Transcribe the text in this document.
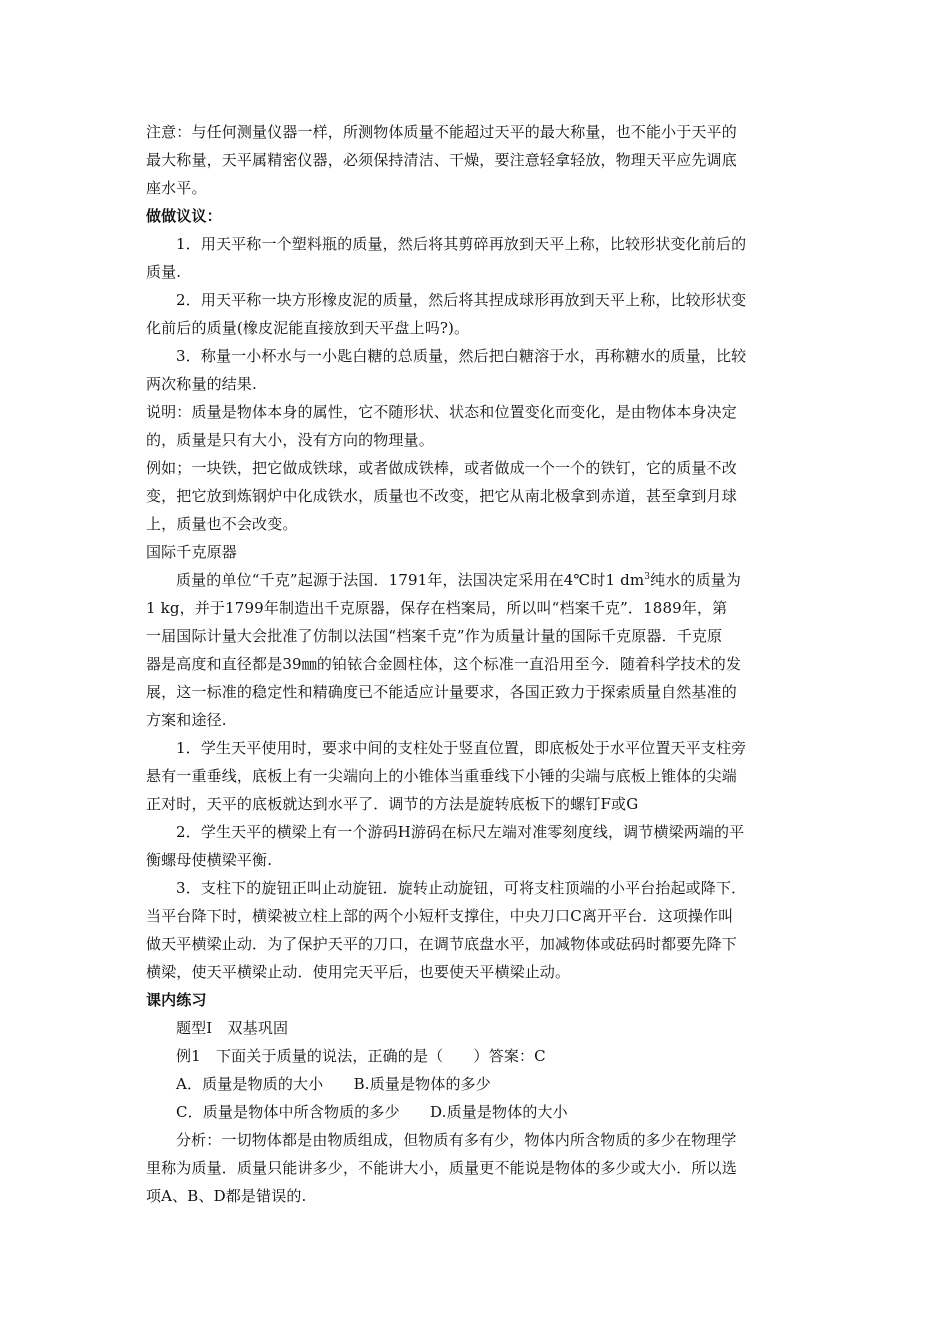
注意：与任何测量仪器一样，所测物体质量不能超过天平的最大称量，也不能小于天平的
最大称量，天平属精密仪器，必须保持清洁、干燥，要注意轻拿轻放，物理天平应先调底
座水平。
做做议议：
1．用天平称一个塑料瓶的质量，然后将其剪碎再放到天平上称，比较形状变化前后的
质量.
2．用天平称一块方形橡皮泥的质量，然后将其捏成球形再放到天平上称，比较形状变
化前后的质量(橡皮泥能直接放到天平盘上吗?)。
3．称量一小杯水与一小匙白糖的总质量，然后把白糖溶于水，再称糖水的质量，比较
两次称量的结果.
说明：质量是物体本身的属性，它不随形状、状态和位置变化而变化，是由物体本身决定
的，质量是只有大小，没有方向的物理量。
例如；一块铁，把它做成铁球，或者做成铁棒，或者做成一个一个的铁钉，它的质量不改
变，把它放到炼钢炉中化成铁水，质量也不改变，把它从南北极拿到赤道，甚至拿到月球
上，质量也不会改变。
国际千克原器
质量的单位“千克”起源于法国．1791年，法国决定采用在4℃时1 $dm^3$纯水的质量为
1 kg，并于1799年制造出千克原器，保存在档案局，所以叫“档案千克”．1889年，第
一届国际计量大会批准了仿制以法国“档案千克”作为质量计量的国际千克原器．千克原
器是高度和直径都是39㎜的铂铱合金圆柱体，这个标准一直沿用至今．随着科学技术的发
展，这一标准的稳定性和精确度已不能适应计量要求，各国正致力于探索质量自然基准的
方案和途径.
1．学生天平使用时，要求中间的支柱处于竖直位置，即底板处于水平位置天平支柱旁
悬有一重垂线，底板上有一尖端向上的小锥体当重垂线下小锤的尖端与底板上锥体的尖端
正对时，天平的底板就达到水平了．调节的方法是旋转底板下的螺钉F或G
2．学生天平的横梁上有一个游码H游码在标尺左端对准零刻度线，调节横梁两端的平
衡螺母使横梁平衡.
3．支柱下的旋钮正叫止动旋钮．旋转止动旋钮，可将支柱顶端的小平台抬起或降下．
当平台降下时，横梁被立柱上部的两个小短杆支撑住，中央刀口C离开平台．这项操作叫
做天平横梁止动．为了保护天平的刀口，在调节底盘水平，加减物体或砝码时都要先降下
横梁，使天平横梁止动．使用完天平后，也要使天平横梁止动。
课内练习
题型Ⅰ　双基巩固
例1　下面关于质量的说法，正确的是（　　）答案：C
A．质量是物质的大小　　B.质量是物体的多少
C．质量是物体中所含物质的多少　　D.质量是物体的大小
分析：一切物体都是由物质组成，但物质有多有少，物体内所含物质的多少在物理学
里称为质量．质量只能讲多少，不能讲大小，质量更不能说是物体的多少或大小．所以选
项A、B、D都是错误的.
